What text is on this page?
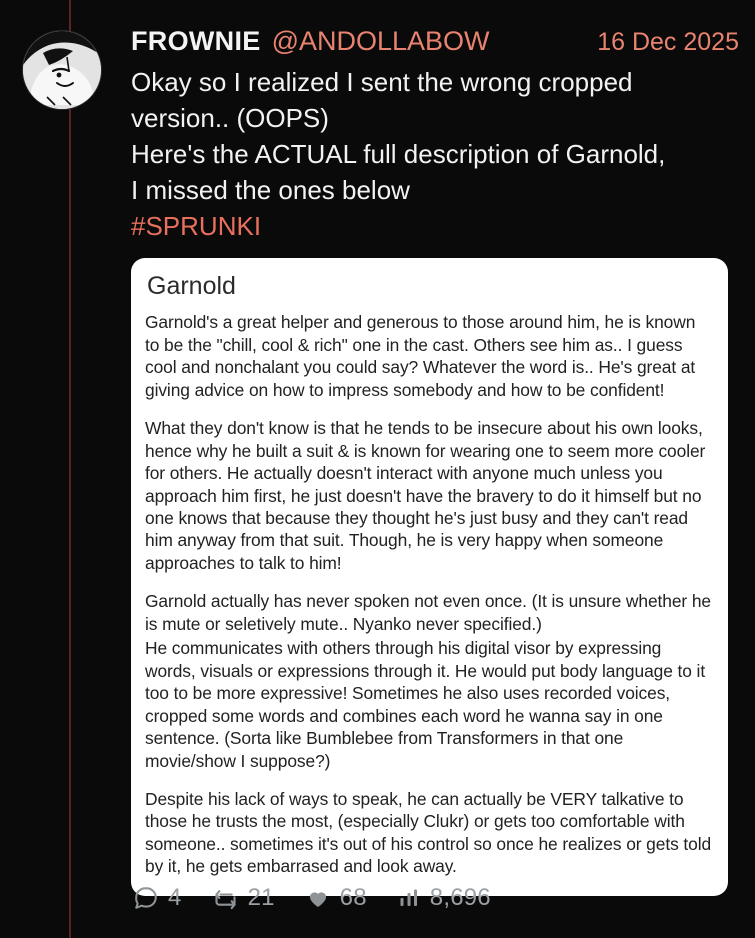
FROWNIE @ANDOLLABOW	16 Dec 2025
Okay so I realized I sent the wrong cropped
version.. (OOPS)
Here's the ACTUAL full description of Garnold,
I missed the ones below
#SPRUNKI
Garnold

Garnold's a great helper and generous to those around him, he is known to be the "chill, cool & rich" one in the cast. Others see him as.. I guess cool and nonchalant you could say? Whatever the word is.. He's great at giving advice on how to impress somebody and how to be confident!

What they don't know is that he tends to be insecure about his own looks, hence why he built a suit & is known for wearing one to seem more cooler for others. He actually doesn't interact with anyone much unless you approach him first, he just doesn't have the bravery to do it himself but no one knows that because they thought he's just busy and they can't read him anyway from that suit. Though, he is very happy when someone approaches to talk to him!

Garnold actually has never spoken not even once. (It is unsure whether he is mute or seletively mute.. Nyanko never specified.)

He communicates with others through his digital visor by expressing words, visuals or expressions through it. He would put body language to it too to be more expressive! Sometimes he also uses recorded voices, cropped some words and combines each word he wanna say in one sentence. (Sorta like Bumblebee from Transformers in that one movie/show I suppose?)

Despite his lack of ways to speak, he can actually be VERY talkative to those he trusts the most, (especially Clukr) or gets too comfortable with someone.. sometimes it's out of his control so once he realizes or gets told by it, he gets embarrased and look away.

4	21	68	8,696
